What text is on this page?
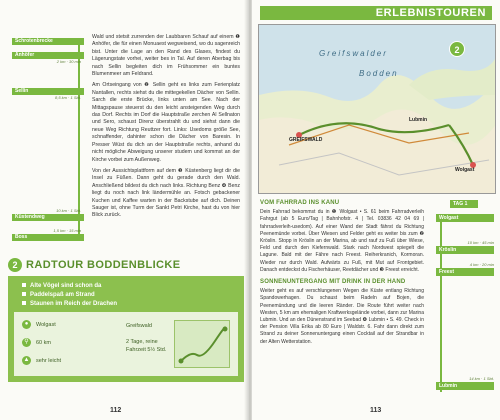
Schrotenbrecke
Anhöfer
2 km · 30 min
Sellin
8,5 km · 1 Std.
10 km · 1 Std.
Küstendweg
1,5 km · 15 min
Boss

Wald und stetsit zurrenden der Laubbaren Schauf auf einem ❶ Anhöfer, die für einen Monuaest wegweisend, wo du sagenreich bist. Unter die Lage an den Rand des Glases, findest du Lägerungstate vorhei, weiter bes in Tal. Auf deren Aberbag bis nach Sellin begleiten dich im Frühsommer ein buntes Blumenmeer am Feldrand.

Am Ortseingang von ❷ Sellin geht es links zum Ferienplatz Nantallen, rechts siehst du die mittegekellen Dächer von Sellin. Sarch die erste Brücke, links unten am See. Nach der Mittagspause steuerst du den leicht ansteigenden Weg durch das Dorf. Rechts im Dorf die Hauptstraße zerchen Al Sellnaton und Sero, schaust Direnz überstrahlt du und siehst dann die neue Weg Richtung Reuttzer fort. Links: Usedoms größe See, schnaffender, dahinter schon die Dächer von Baresin. In Presser Wüst du dich an der Hauptstraße rechts, anhand du nicht mögliche Abweigung unserer studem und kommst an der Kirche vorbei zum Außenweg.

Von der Aussichtsplattform auf dem ❸ Küstenberg liegt dir die Insel zu Füßen. Dann geht du gerade durch den Wald. Anschließend bildest du dich nach links. Richtung Benz ❹ Benz liegt du noch nach link ländermühle an. Fotsch gebackener Kuchen und Kaffee warten in der Backstube auf dich. Deinen Sauger ist, ohne Turm der Sankt Petri Kirche, hast du von hier Blick zurück.

2 RADTOUR BODDENBLICKE
Alte Vögel sind schon da
Paddelspaß am Strand
Staunen im Reich der Drachen
●	Wolgast
⚲	60 km
▲ sehr leicht
Greifswald
2 Tage, reine Fahrzeit 5½ Std.
112
ERLEBNISTOUREN
Greifswalder
Bodden
2
GREIFSWALD
Wolgast
Lubmin
VOM FAHRRAD INS KANU

Dein Fahrrad bekommst du in ❶ Wolgast • S. 61 beim Fahrradverleih Fahrgut (ab 5 Euro/Tag | Bahnhofstr. 4 | Tel. 03836 42 04 69 | fahrradverleih-usedom). Auf einer Wand der Stadt fährst du Richtung Peenemünde vorbei. Über Wiesen und Felder geht es weiter bis zum ❷ Kröslin. Stopp in Kröslin an der Marina, ab und rauf zu Fuß über Wiese, Feld und durch den Kiefernwald. Stark nach Nordwest spiegelt die Lagune. Bald mit der Fähre nach Freest. Reiherkranich, Kormoran. Wieder nur durch Wald. Aufwärts zu Fuß, mit Mut auf Frontgebiet. Danach entdeckst du Fischerhäuser, Reetdächer und ❸ Freest erreicht.

SONNENUNTERGANG MIT DRINK IN DER HAND

Weiter geht es auf verschlungenen Wegen die Küste entlang Richtung Spandowerhagen. Du schaust beim Radeln auf Bojen, die Peenemündung und die leeren Ränder. Die Route führt weiter nach Westen, 5 km am ehemaligen Kraftwerksgelände vorbei, dann zur Marina Lubmin. Und an den Dünenstrand im Seebad ❹ Lubmin • S. 49. Check in der Pension Villa Erika ab 80 Euro | Waldstr. 6. Fahr dann direkt zum Strand zu deiner Sonnenuntergang einen Cocktail auf der Strandbar in der Alten Wetterstation.

TAG 1
Wolgast
10 km · 45 min
Kröslin
4 km · 20 min
Freest
14 km · 1 Std.
Lubmin
113
